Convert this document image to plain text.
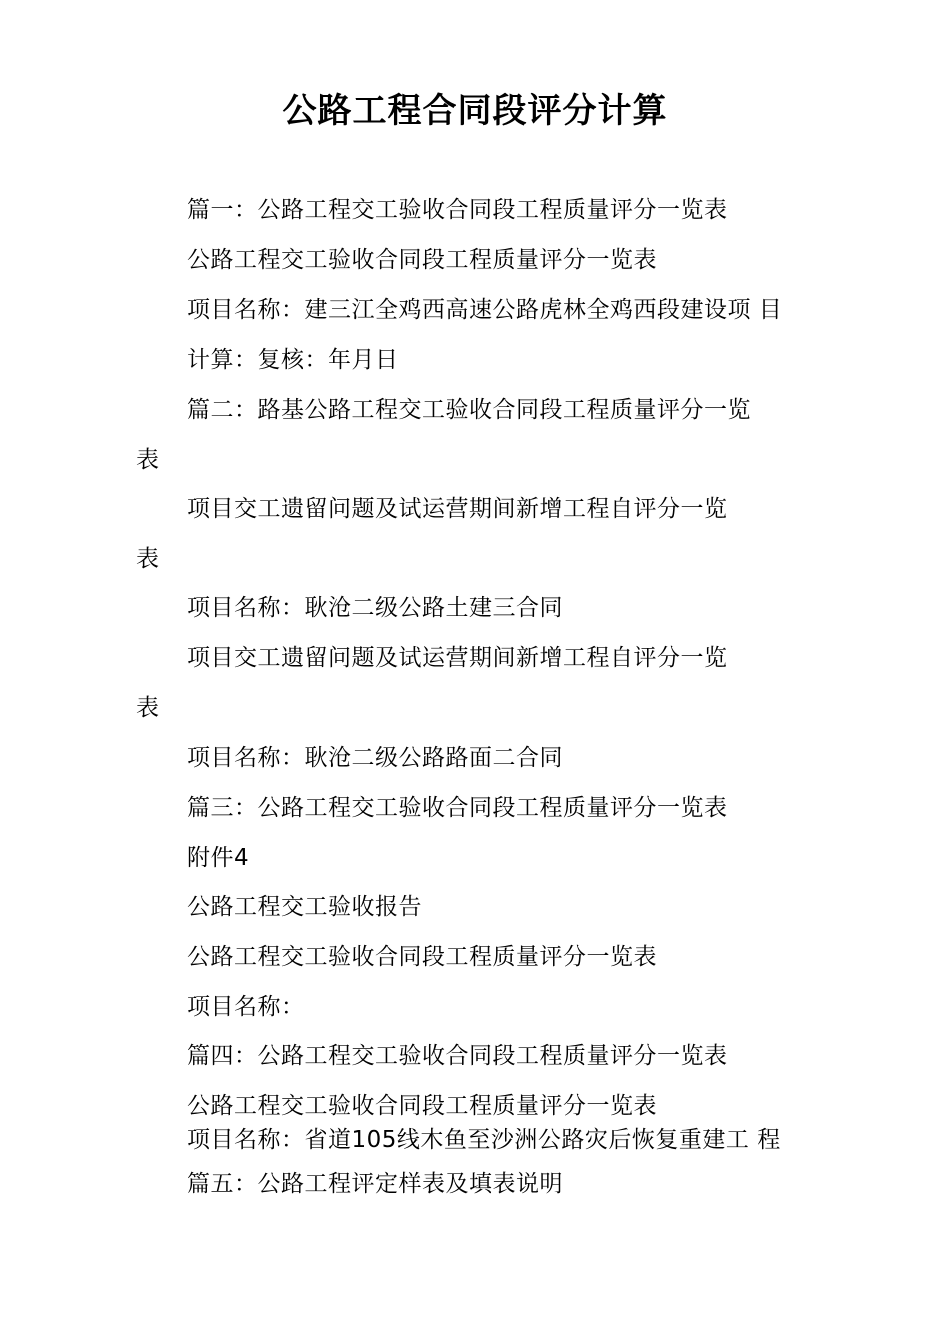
公路工程合同段评分计算
篇一：公路工程交工验收合同段工程质量评分一览表
公路工程交工验收合同段工程质量评分一览表
项目名称：建三江全鸡西高速公路虎林全鸡西段建设项 目
计算：复核：年月日
篇二：路基公路工程交工验收合同段工程质量评分一览
表
项目交工遗留问题及试运营期间新增工程自评分一览
表
项目名称：耿沧二级公路土建三合同
项目交工遗留问题及试运营期间新增工程自评分一览
表
项目名称：耿沧二级公路路面二合同
篇三：公路工程交工验收合同段工程质量评分一览表
附件4
公路工程交工验收报告
公路工程交工验收合同段工程质量评分一览表
项目名称：
篇四：公路工程交工验收合同段工程质量评分一览表
公路工程交工验收合同段工程质量评分一览表
项目名称：省道105线木鱼至沙洲公路灾后恢复重建工 程
篇五：公路工程评定样表及填表说明
